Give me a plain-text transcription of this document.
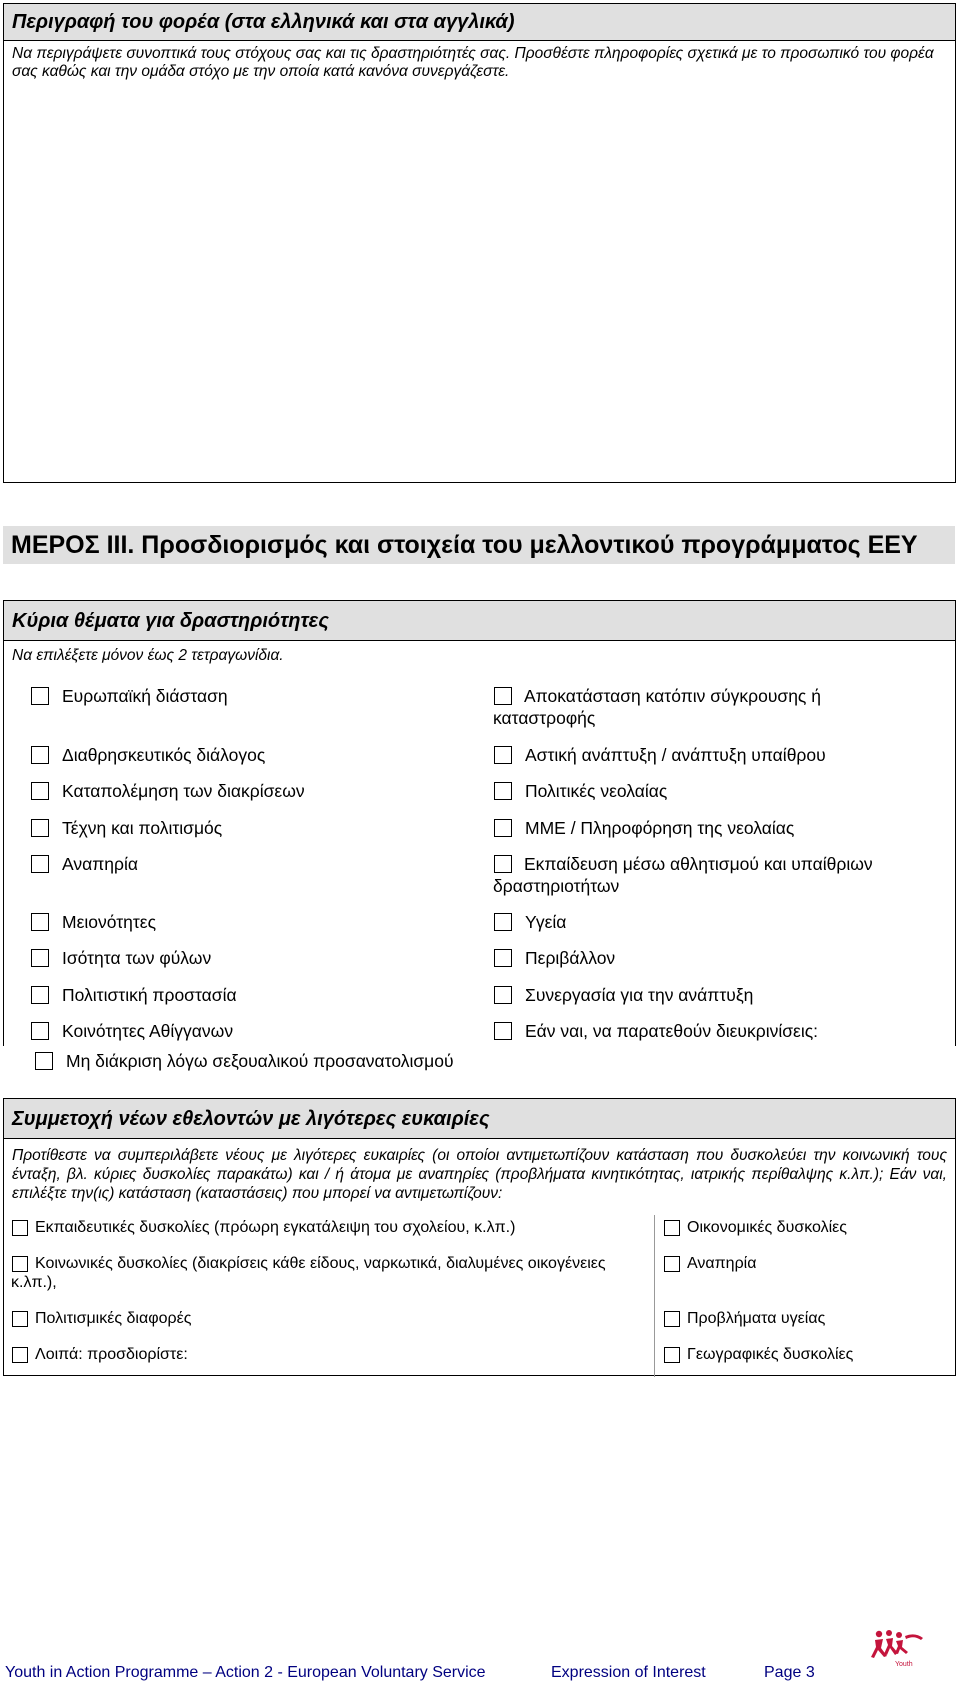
Περιγραφή του φορέα (στα ελληνικά και στα αγγλικά)
Να περιγράψετε συνοπτικά τους στόχους σας και τις δραστηριότητές σας. Προσθέστε πληροφορίες σχετικά με το προσωπικό του φορέα σας καθώς και την ομάδα στόχο με την οποία κατά κανόνα συνεργάζεστε.
ΜΕΡΟΣ III. Προσδιορισμός και στοιχεία του μελλοντικού προγράμματος ΕΕΥ
Κύρια θέματα για δραστηριότητες
Να επιλέξετε μόνον έως 2 τετραγωνίδια.
Ευρωπαϊκή διάσταση
Διαθρησκευτικός διάλογος
Καταπολέμηση των διακρίσεων
Τέχνη και πολιτισμός
Αναπηρία
Μειονότητες
Ισότητα των φύλων
Πολιτιστική προστασία
Κοινότητες Αθίγγανων
Μη διάκριση λόγω σεξουαλικού προσανατολισμού
Αποκατάσταση κατόπιν σύγκρουσης ή καταστροφής
Αστική ανάπτυξη / ανάπτυξη υπαίθρου
Πολιτικές νεολαίας
ΜΜΕ / Πληροφόρηση της νεολαίας
Εκπαίδευση μέσω αθλητισμού και υπαίθριων δραστηριοτήτων
Υγεία
Περιβάλλον
Συνεργασία για την ανάπτυξη
Εάν ναι, να παρατεθούν διευκρινίσεις:
Συμμετοχή νέων εθελοντών με λιγότερες ευκαιρίες
Προτίθεστε να συμπεριλάβετε νέους με λιγότερες ευκαιρίες (οι οποίοι αντιμετωπίζουν κατάσταση που δυσκολεύει την κοινωνική τους ένταξη, βλ. κύριες δυσκολίες παρακάτω) και / ή άτομα με αναπηρίες (προβλήματα κινητικότητας, ιατρικής περίθαλψης κ.λπ.); Εάν ναι, επιλέξτε την(ις) κατάσταση (καταστάσεις) που μπορεί να αντιμετωπίζουν:
Εκπαιδευτικές δυσκολίες (πρόωρη εγκατάλειψη του σχολείου, κ.λπ.)
Κοινωνικές δυσκολίες (διακρίσεις κάθε είδους, ναρκωτικά, διαλυμένες οικογένειες κ.λπ.),
Πολιτισμικές διαφορές
Λοιπά: προσδιορίστε:
Οικονομικές δυσκολίες
Αναπηρία
Προβλήματα υγείας
Γεωγραφικές δυσκολίες
Youth in Action Programme – Action 2 - European Voluntary Service	Expression of Interest	Page 3	Youth
